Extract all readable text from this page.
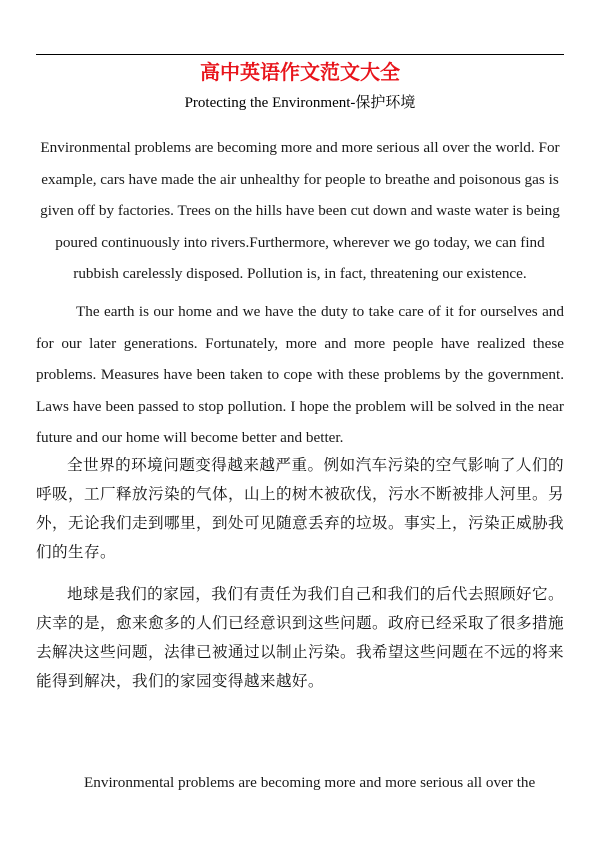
高中英语作文范文大全
Protecting the Environment-保护环境
Environmental problems are becoming more and more serious all over the world. For example, cars have made the air unhealthy for people to breathe and poisonous gas is given off by factories. Trees on the hills have been cut down and waste water is being poured continuously into rivers.Furthermore, wherever we go today, we can find rubbish carelessly disposed. Pollution is, in fact, threatening our existence.
The earth is our home and we have the duty to take care of it for ourselves and for our later generations. Fortunately, more and more people have realized these problems. Measures have been taken to cope with these problems by the government. Laws have been passed to stop pollution. I hope the problem will be solved in the near future and our home will become better and better.
全世界的环境问题变得越来越严重。例如汽车污染的空气影响了人们的呼吸，工厂释放污染的气体，山上的树木被砍伐，污水不断被排人河里。另外，无论我们走到哪里，到处可见随意丢弃的垃圾。事实上，污染正威胁我们的生存。
地球是我们的家园，我们有责任为我们自己和我们的后代去照顾好它。庆幸的是，愈来愈多的人们已经意识到这些问题。政府已经采取了很多措施去解决这些问题，法律已被通过以制止污染。我希望这些问题在不远的将来能得到解决，我们的家园变得越来越好。
Environmental problems are becoming more and more serious all over the
